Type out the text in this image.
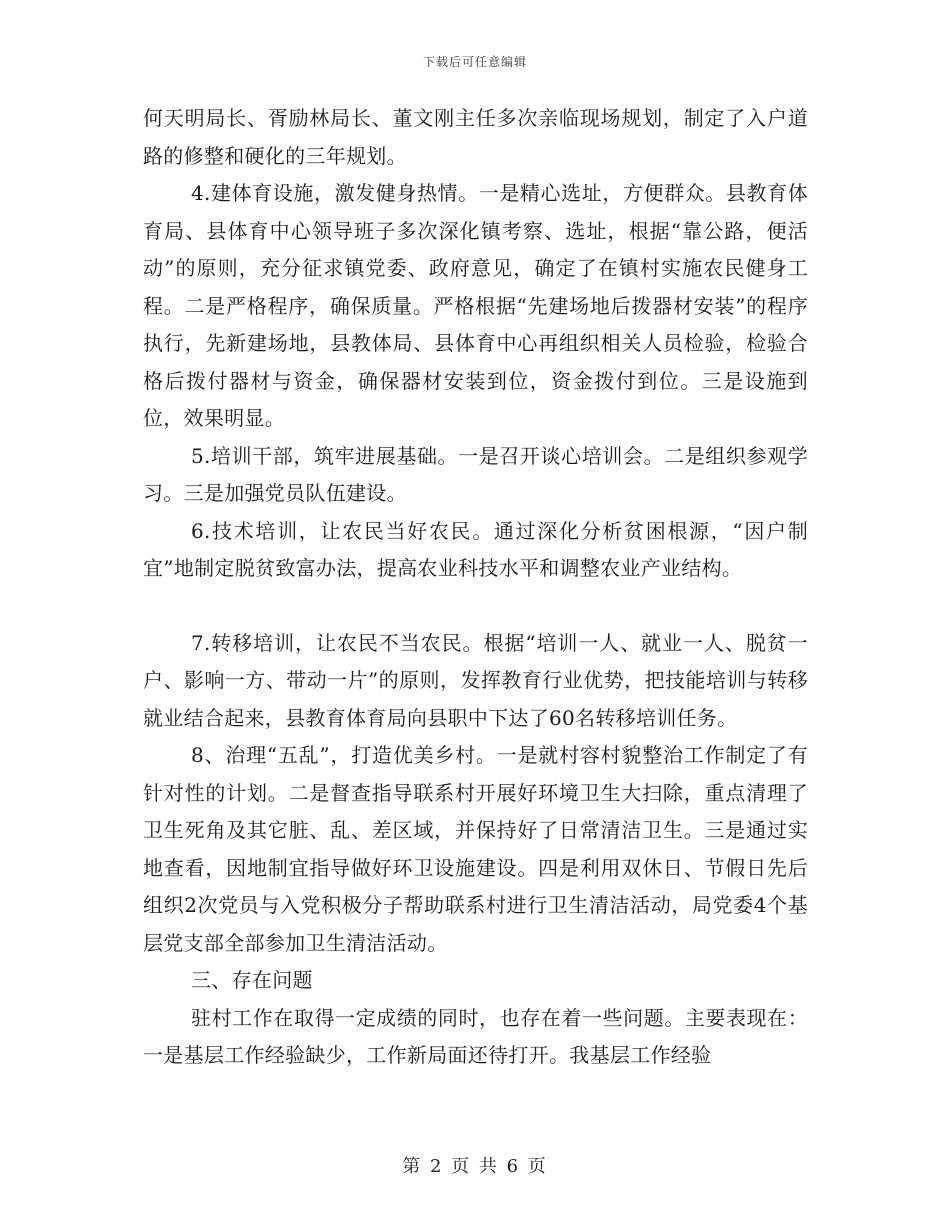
下载后可任意编辑

何天明局长、胥励林局长、董文刚主任多次亲临现场规划，制定了入户道路的修整和硬化的三年规划。

4.建体育设施，激发健身热情。一是精心选址，方便群众。县教育体育局、县体育中心领导班子多次深化镇考察、选址，根据“靠公路，便活动”的原则，充分征求镇党委、政府意见，确定了在镇村实施农民健身工程。二是严格程序，确保质量。严格根据“先建场地后拨器材安装”的程序执行，先新建场地，县教体局、县体育中心再组织相关人员检验，检验合格后拨付器材与资金，确保器材安装到位，资金拨付到位。三是设施到位，效果明显。

5.培训干部，筑牢进展基础。一是召开谈心培训会。二是组织参观学习。三是加强党员队伍建设。

6.技术培训，让农民当好农民。通过深化分析贫困根源，“因户制宜”地制定脱贫致富办法，提高农业科技水平和调整农业产业结构。

7.转移培训，让农民不当农民。根据“培训一人、就业一人、脱贫一户、影响一方、带动一片”的原则，发挥教育行业优势，把技能培训与转移就业结合起来，县教育体育局向县职中下达了60名转移培训任务。

8、治理“五乱”，打造优美乡村。一是就村容村貌整治工作制定了有针对性的计划。二是督查指导联系村开展好环境卫生大扫除，重点清理了卫生死角及其它脏、乱、差区域，并保持好了日常清洁卫生。三是通过实地查看，因地制宜指导做好环卫设施建设。四是利用双休日、节假日先后组织2次党员与入党积极分子帮助联系村进行卫生清洁活动，局党委4个基层党支部全部参加卫生清洁活动。

三、存在问题

驻村工作在取得一定成绩的同时，也存在着一些问题。主要表现在：一是基层工作经验缺少，工作新局面还待打开。我基层工作经验

第 2 页 共 6 页
